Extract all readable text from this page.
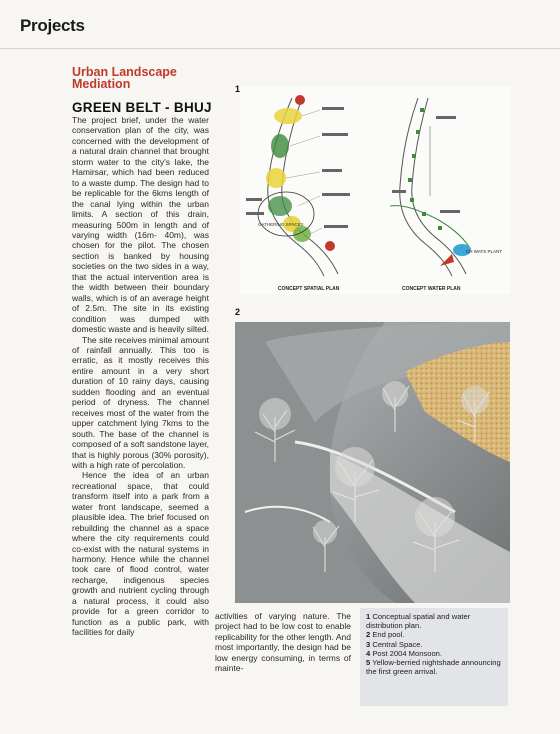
Projects
Urban Landscape
Mediation
GREEN BELT - BHUJ

The project brief, under the water conservation plan of the city, was concerned with the development of a natural drain channel that brought storm water to the city's lake, the Hamirsar, which had been reduced to a waste dump. The design had to be replicable for the 6kms length of the canal lying within the urban limits. A section of this drain, measuring 500m in length and of varying width (16m- 40m), was chosen for the pilot. The chosen section is banked by housing societies on the two sides in a way, that the actual intervention area is the width between their boundary walls, which is of an average height of 2.5m. The site in its existing condition was dumped with domestic waste and is heavily silted.

The site receives minimal amount of rainfall annually. This too is erratic, as it mostly receives this entire amount in a very short duration of 10 rainy days, causing sudden flooding and an eventual period of dryness. The channel receives most of the water from the upper catchment lying 7kms to the south. The base of the channel is composed of a soft sandstone layer, that is highly porous (30% porosity), with a high rate of percolation.

Hence the idea of an urban recreational space, that could transform itself into a park from a water front landscape, seemed a plausible idea. The brief focused on rebuilding the channel as a space where the city requirements could co-exist with the natural systems in harmony. Hence while the channel took care of flood control, water recharge, indigenous species growth and nutrient cycling through a natural process, it could also provide for a green corridor to function as a public park, with facilities for daily

activities of varying nature. The project had to be low cost to enable replicability for the other length. And most importantly, the design had be low energy consuming, in terms of mainte-
1
GATHERING SPACES
CONCEPT SPATIAL PLAN
CH WATS PLANT
CONCEPT WATER PLAN
2
1 Conceptual spatial and water distribution plan.
2 End pool.
3 Central Space.
4 Post 2004 Monsoon.
5 Yellow-berried nightshade announcing the first green arrival.
